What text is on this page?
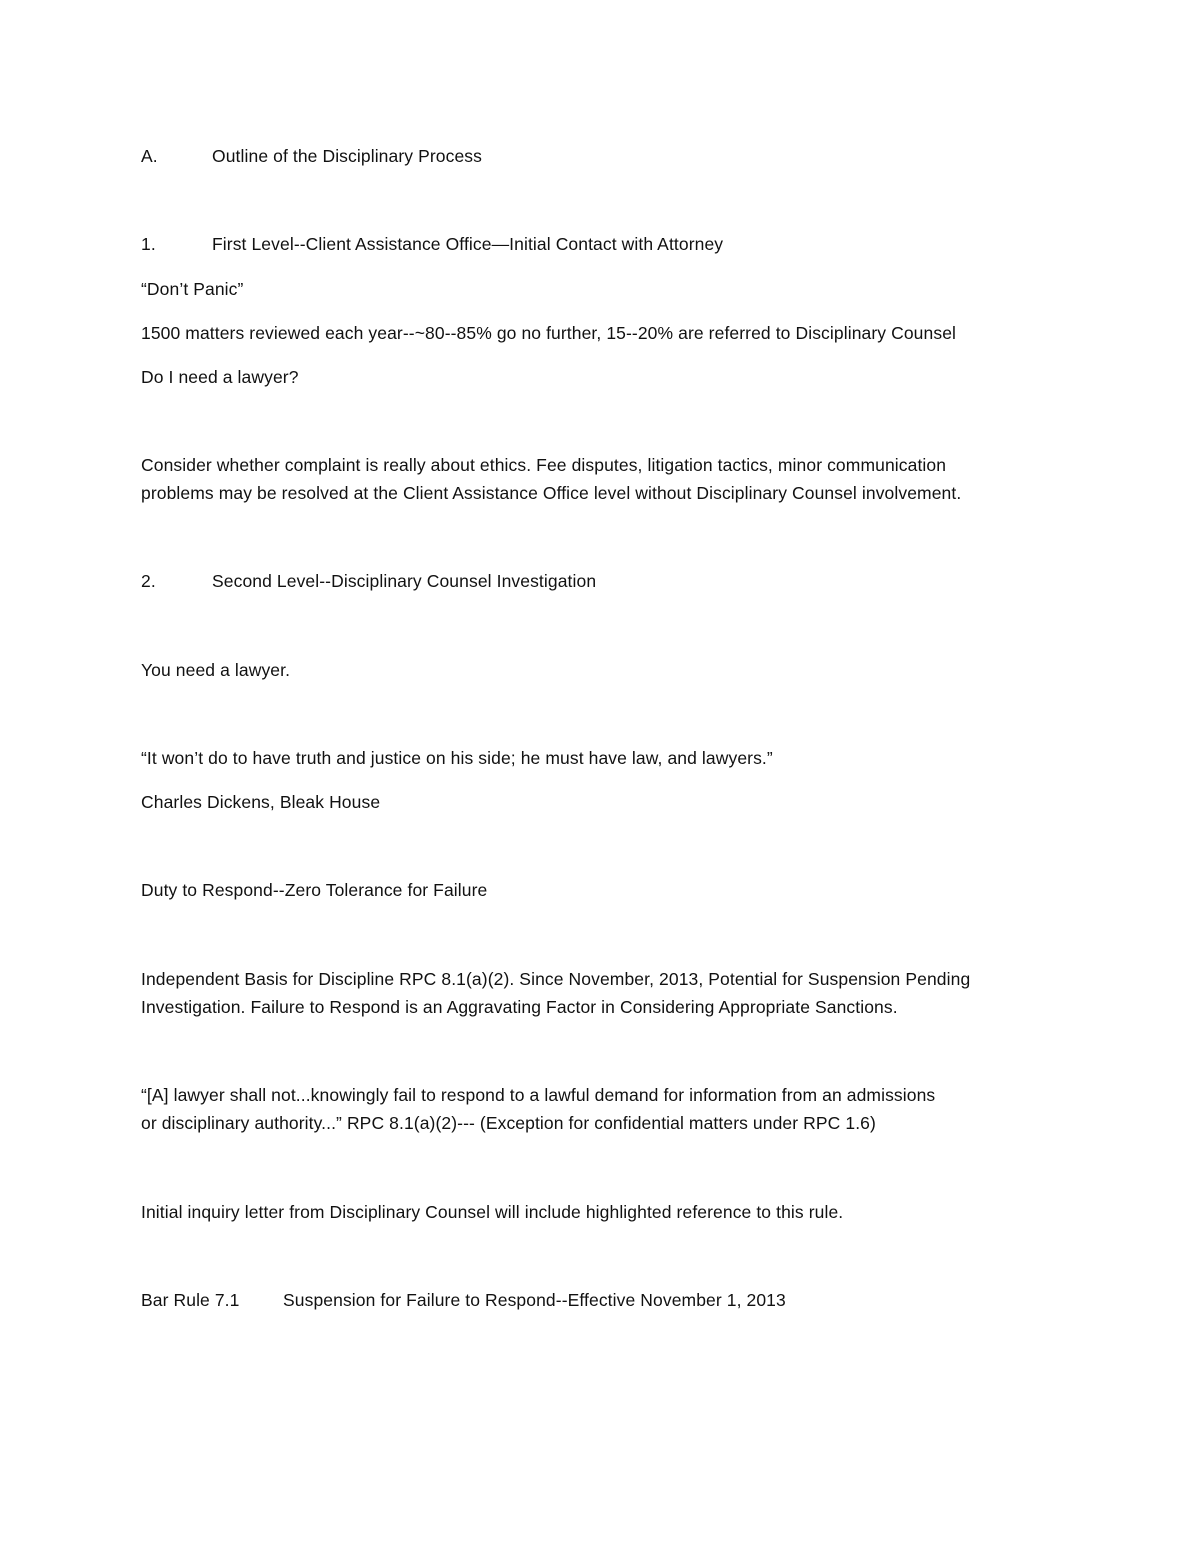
A.	Outline of the Disciplinary Process
1.	First Level--Client Assistance Office—Initial Contact with Attorney
“Don’t Panic”
1500 matters reviewed each year--~80--85% go no further, 15--20% are referred to Disciplinary Counsel
Do I need a lawyer?
Consider whether complaint is really about ethics. Fee disputes, litigation tactics, minor communication
problems may be resolved at the Client Assistance Office level without Disciplinary Counsel involvement.
2.	Second Level--Disciplinary Counsel Investigation
You need a lawyer.
“It won’t do to have truth and justice on his side; he must have law, and lawyers.”
Charles Dickens, Bleak House
Duty to Respond--Zero Tolerance for Failure
Independent Basis for Discipline RPC 8.1(a)(2). Since November, 2013, Potential for Suspension Pending
Investigation. Failure to Respond is an Aggravating Factor in Considering Appropriate Sanctions.
“[A] lawyer shall not...knowingly fail to respond to a lawful demand for information from an admissions
or disciplinary authority...” RPC 8.1(a)(2)--- (Exception for confidential matters under RPC 1.6)
Initial inquiry letter from Disciplinary Counsel will include highlighted reference to this rule.
Bar Rule 7.1 Suspension for Failure to Respond--Effective November 1, 2013
